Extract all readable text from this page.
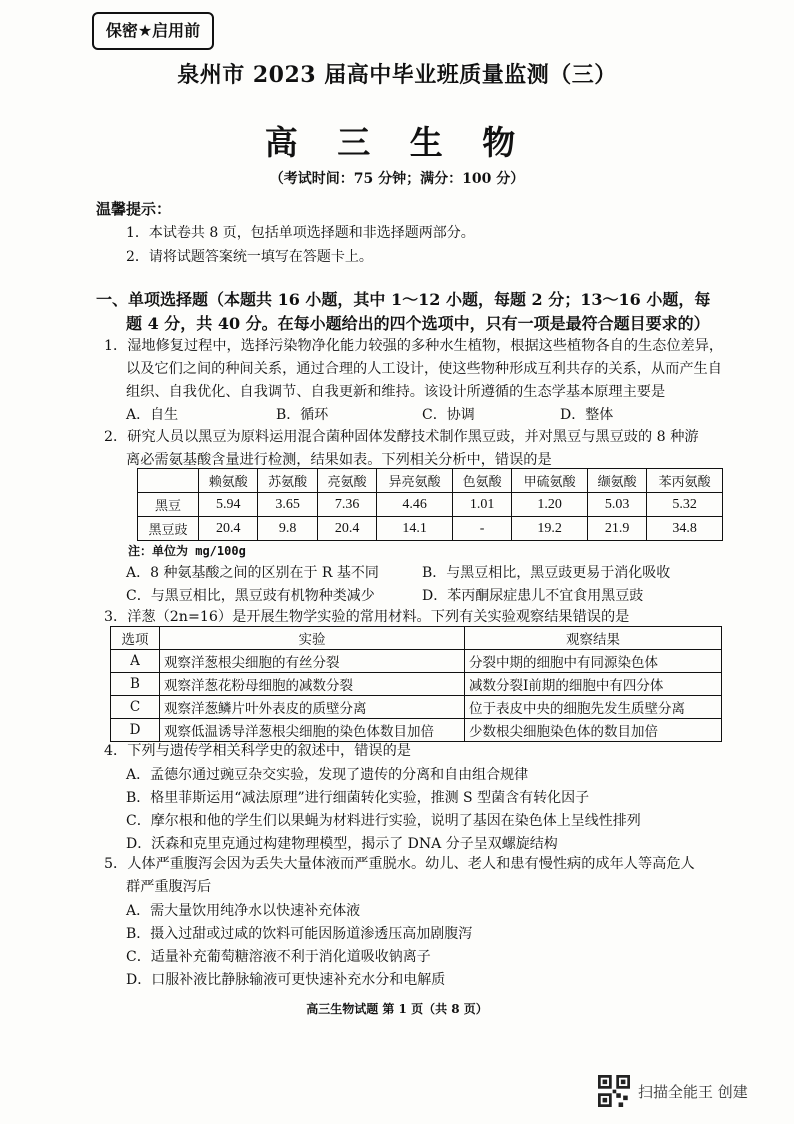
保密★启用前
泉州市 2023 届高中毕业班质量监测（三）
高 三 生 物
（考试时间：75 分钟；满分：100 分）
温馨提示：
1．本试卷共 8 页，包括单项选择题和非选择题两部分。
2．请将试题答案统一填写在答题卡上。
一、单项选择题（本题共 16 小题，其中 1～12 小题，每题 2 分；13～16 小题，每
题 4 分，共 40 分。在每小题给出的四个选项中，只有一项是最符合题目要求的）
1．湿地修复过程中，选择污染物净化能力较强的多种水生植物，根据这些植物各自的生态位差异，
以及它们之间的种间关系，通过合理的人工设计，使这些物种形成互利共存的关系，从而产生自
组织、自我优化、自我调节、自我更新和维持。该设计所遵循的生态学基本原理主要是
A．自生	B．循环	C．协调	D．整体
2．研究人员以黑豆为原料运用混合菌种固体发酵技术制作黑豆豉，并对黑豆与黑豆豉的 8 种游
离必需氨基酸含量进行检测，结果如表。下列相关分析中，错误的是
	赖氨酸	苏氨酸	亮氨酸	异亮氨酸	色氨酸	甲硫氨酸	缬氨酸	苯丙氨酸
黑豆	5.94	3.65	7.36	4.46	1.01	1.20	5.03	5.32
黑豆豉	20.4	9.8	20.4	14.1	-	19.2	21.9	34.8
注：单位为 mg/100g
A．8 种氨基酸之间的区别在于 R 基不同	B．与黑豆相比，黑豆豉更易于消化吸收
C．与黑豆相比，黑豆豉有机物种类减少	D．苯丙酮尿症患儿不宜食用黑豆豉
3．洋葱（2n=16）是开展生物学实验的常用材料。下列有关实验观察结果错误的是
选项	实验	观察结果
A	观察洋葱根尖细胞的有丝分裂	分裂中期的细胞中有同源染色体
B	观察洋葱花粉母细胞的减数分裂	减数分裂Ⅰ前期的细胞中有四分体
C	观察洋葱鳞片叶外表皮的质壁分离	位于表皮中央的细胞先发生质壁分离
D	观察低温诱导洋葱根尖细胞的染色体数目加倍	少数根尖细胞染色体的数目加倍
4．下列与遗传学相关科学史的叙述中，错误的是
A．孟德尔通过豌豆杂交实验，发现了遗传的分离和自由组合规律
B．格里菲斯运用“减法原理”进行细菌转化实验，推测 S 型菌含有转化因子
C．摩尔根和他的学生们以果蝇为材料进行实验，说明了基因在染色体上呈线性排列
D．沃森和克里克通过构建物理模型，揭示了 DNA 分子呈双螺旋结构
5．人体严重腹泻会因为丢失大量体液而严重脱水。幼儿、老人和患有慢性病的成年人等高危人
群严重腹泻后
A．需大量饮用纯净水以快速补充体液
B．摄入过甜或过咸的饮料可能因肠道渗透压高加剧腹泻
C．适量补充葡萄糖溶液不利于消化道吸收钠离子
D．口服补液比静脉输液可更快速补充水分和电解质
高三生物试题 第 1 页（共 8 页）
扫描全能王 创建
